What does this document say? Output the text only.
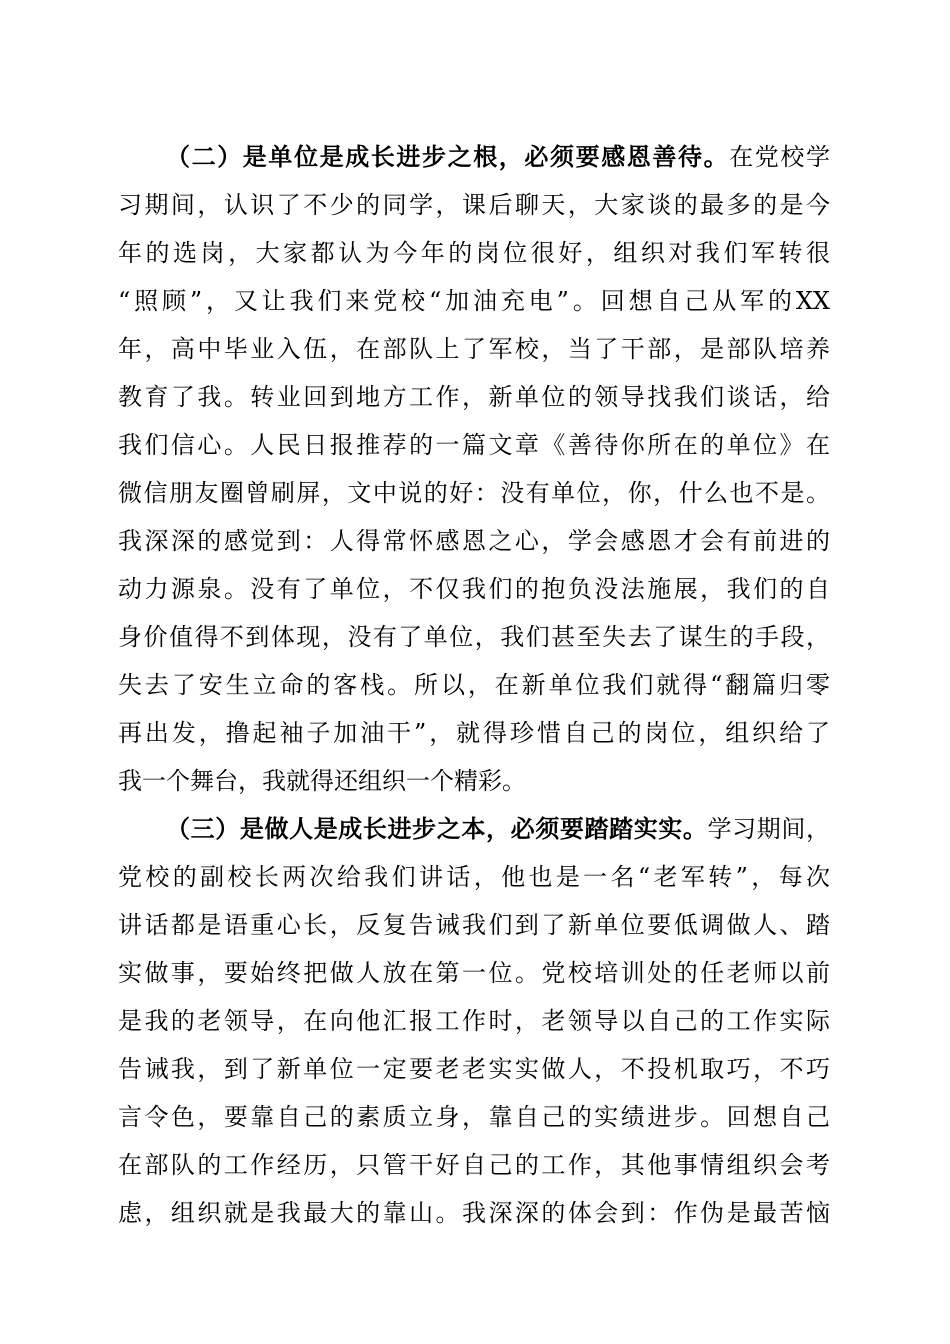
（二）是单位是成长进步之根，必须要感恩善待。在党校学
习期间，认识了不少的同学，课后聊天，大家谈的最多的是今
年的选岗，大家都认为今年的岗位很好，组织对我们军转很
“照顾”，又让我们来党校“加油充电”。回想自己从军的XX
年，高中毕业入伍，在部队上了军校，当了干部，是部队培养
教育了我。转业回到地方工作，新单位的领导找我们谈话，给
我们信心。人民日报推荐的一篇文章《善待你所在的单位》在
微信朋友圈曾刷屏，文中说的好：没有单位，你，什么也不是。
我深深的感觉到：人得常怀感恩之心，学会感恩才会有前进的
动力源泉。没有了单位，不仅我们的抱负没法施展，我们的自
身价值得不到体现，没有了单位，我们甚至失去了谋生的手段，
失去了安生立命的客栈。所以，在新单位我们就得“翻篇归零
再出发，撸起袖子加油干”，就得珍惜自己的岗位，组织给了
我一个舞台，我就得还组织一个精彩。
（三）是做人是成长进步之本，必须要踏踏实实。学习期间，
党校的副校长两次给我们讲话，他也是一名“老军转”，每次
讲话都是语重心长，反复告诫我们到了新单位要低调做人、踏
实做事，要始终把做人放在第一位。党校培训处的任老师以前
是我的老领导，在向他汇报工作时，老领导以自己的工作实际
告诫我，到了新单位一定要老老实实做人，不投机取巧，不巧
言令色，要靠自己的素质立身，靠自己的实绩进步。回想自己
在部队的工作经历，只管干好自己的工作，其他事情组织会考
虑，组织就是我最大的靠山。我深深的体会到：作伪是最苦恼
